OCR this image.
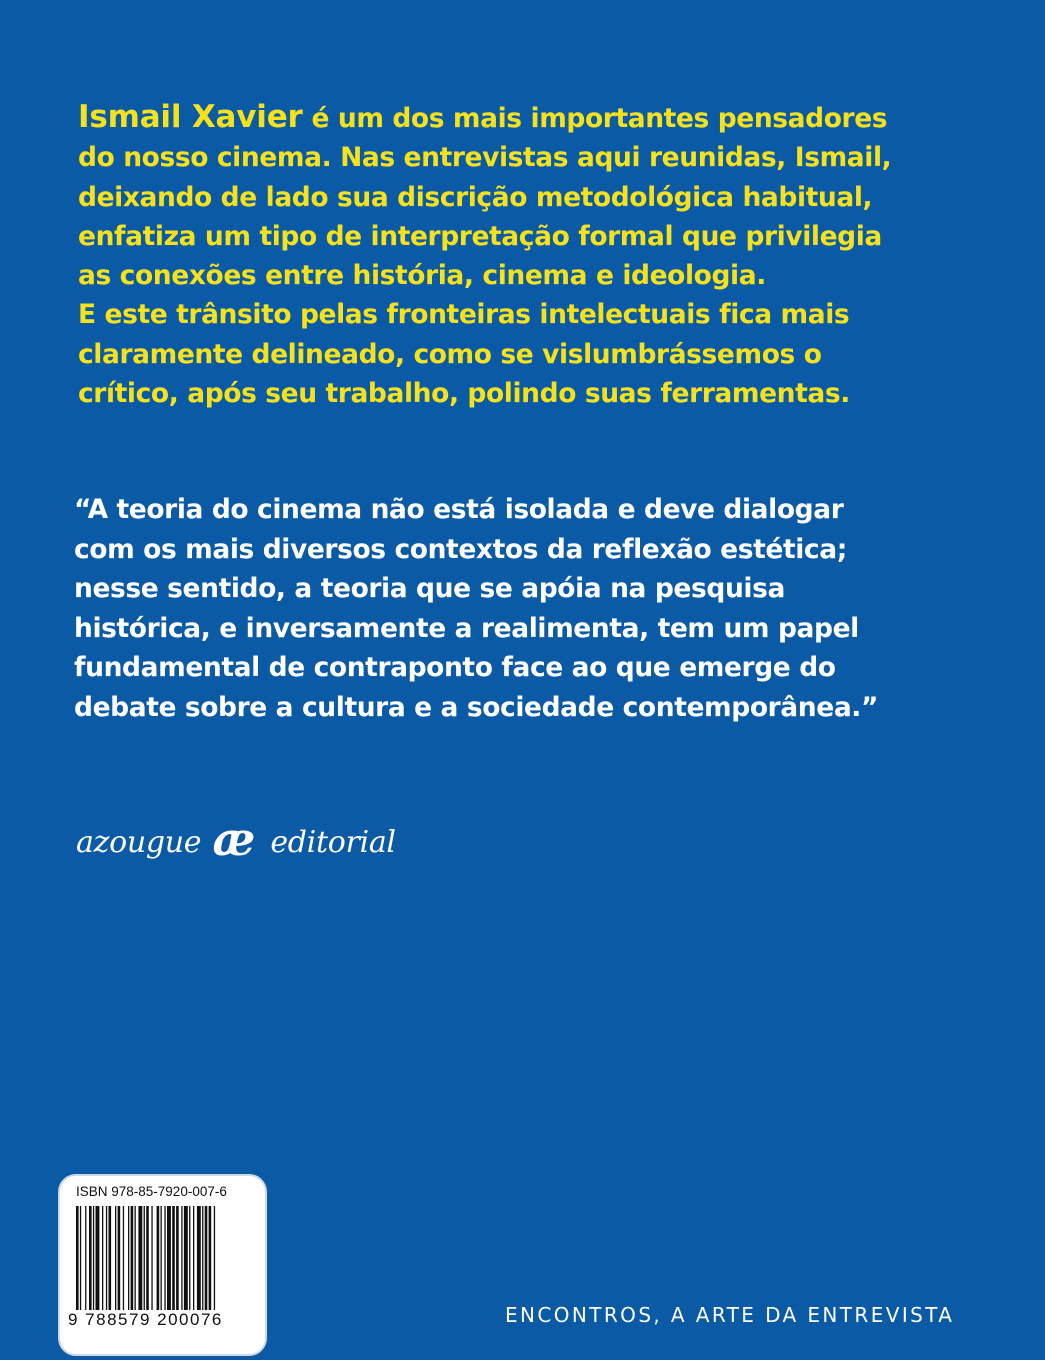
Ismail Xavier é um dos mais importantes pensadores
do nosso cinema. Nas entrevistas aqui reunidas, Ismail,
deixando de lado sua discrição metodológica habitual,
enfatiza um tipo de interpretação formal que privilegia
as conexões entre história, cinema e ideologia.
E este trânsito pelas fronteiras intelectuais fica mais
claramente delineado, como se vislumbrássemos o
crítico, após seu trabalho, polindo suas ferramentas.

“A teoria do cinema não está isolada e deve dialogar
com os mais diversos contextos da reflexão estética;
nesse sentido, a teoria que se apóia na pesquisa
histórica, e inversamente a realimenta, tem um papel
fundamental de contraponto face ao que emerge do
debate sobre a cultura e a sociedade contemporânea.”

azougue æ editorial
ISBN 978-85-7920-007-6
9 788579 200076	ENCONTROS, A ARTE DA ENTREVISTA
